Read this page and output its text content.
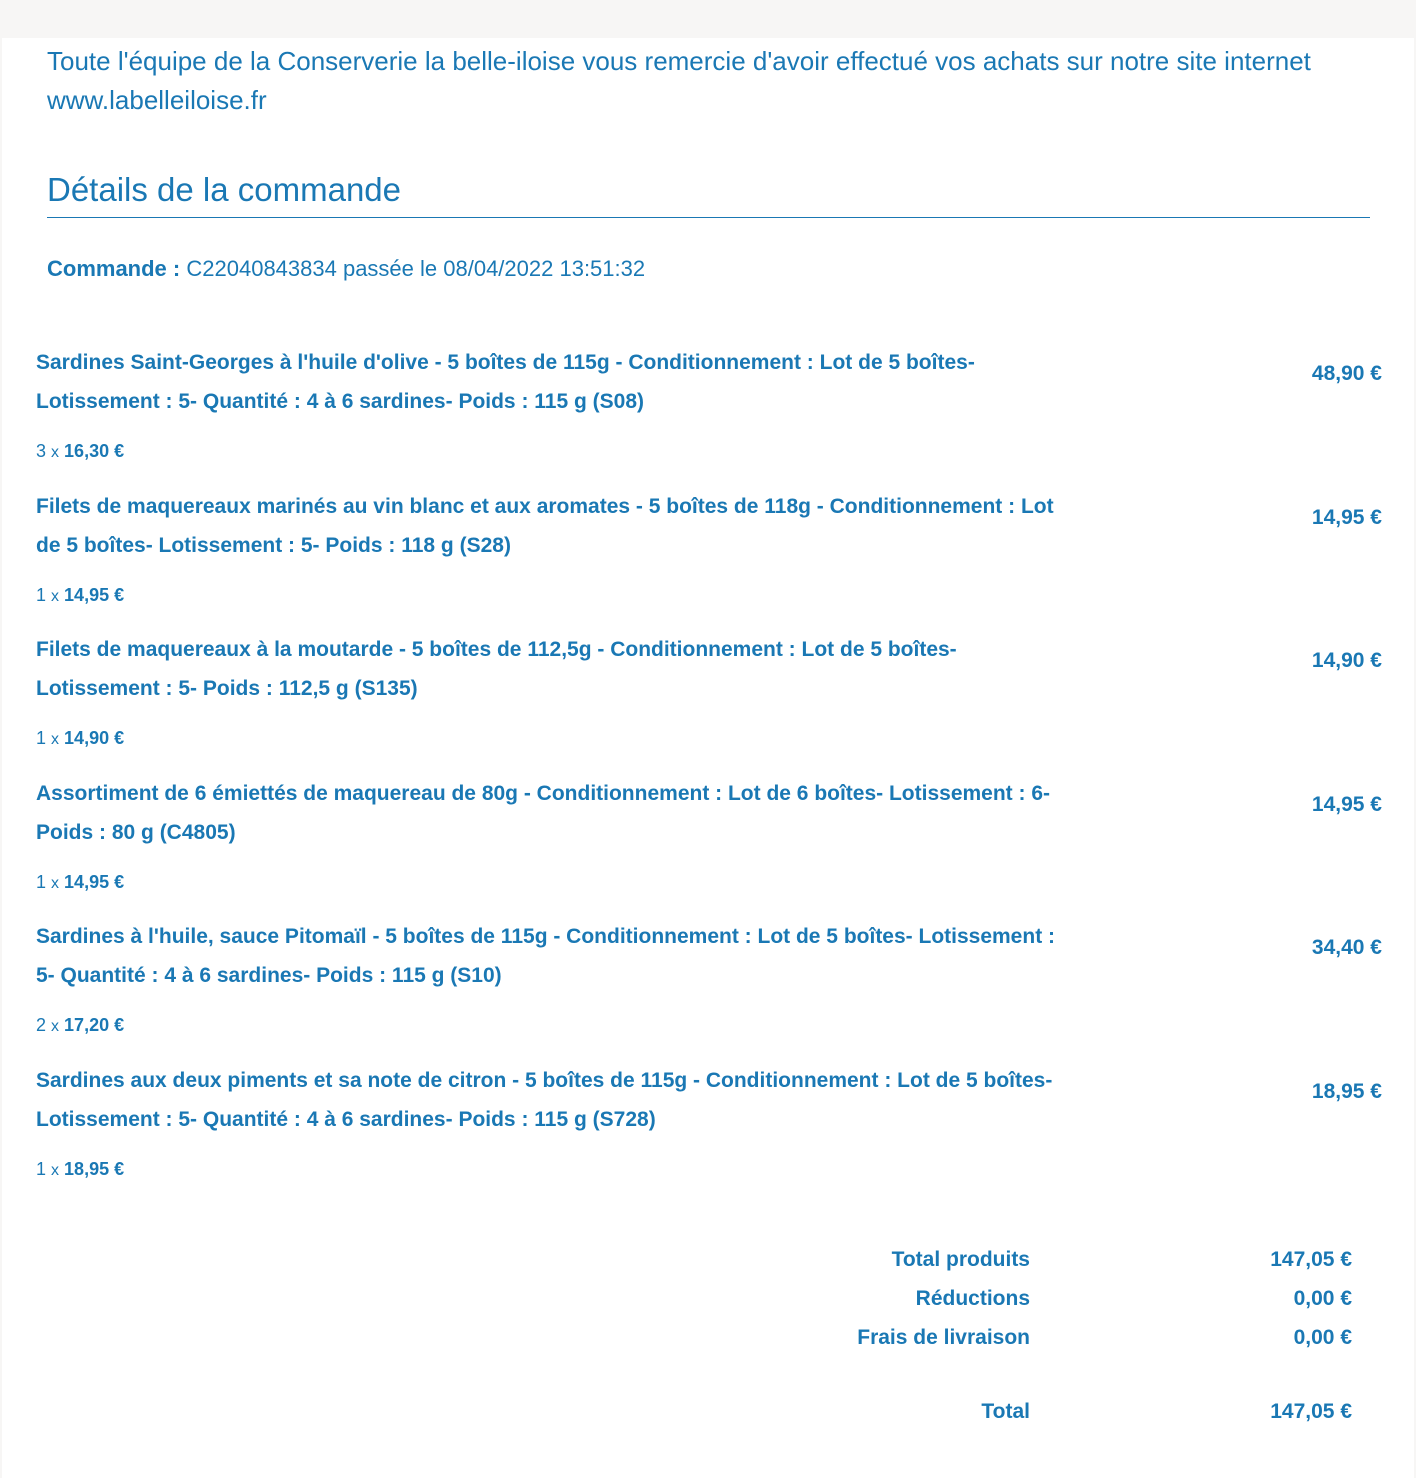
Toute l'équipe de la Conserverie la belle-iloise vous remercie d'avoir effectué vos achats sur notre site internet www.labelleiloise.fr

Détails de la commande
Commande : C22040843834 passée le 08/04/2022 13:51:32

Sardines Saint-Georges à l'huile d'olive - 5 boîtes de 115g - Conditionnement : Lot de 5 boîtes- Lotissement : 5- Quantité : 4 à 6 sardines- Poids : 115 g (S08)

48,90 €
3 x 16,30 €

Filets de maquereaux marinés au vin blanc et aux aromates - 5 boîtes de 118g - Conditionnement : Lot de 5 boîtes- Lotissement : 5- Poids : 118 g (S28)

14,95 €
1 x 14,95 €

Filets de maquereaux à la moutarde - 5 boîtes de 112,5g - Conditionnement : Lot de 5 boîtes- Lotissement : 5- Poids : 112,5 g (S135)

14,90 €
1 x 14,90 €

Assortiment de 6 émiettés de maquereau de 80g - Conditionnement : Lot de 6 boîtes- Lotissement : 6- Poids : 80 g (C4805)

14,95 €
1 x 14,95 €

Sardines à l'huile, sauce Pitomaïl - 5 boîtes de 115g - Conditionnement : Lot de 5 boîtes- Lotissement : 5- Quantité : 4 à 6 sardines- Poids : 115 g (S10)

34,40 €
2 x 17,20 €

Sardines aux deux piments et sa note de citron - 5 boîtes de 115g - Conditionnement : Lot de 5 boîtes- Lotissement : 5- Quantité : 4 à 6 sardines- Poids : 115 g (S728)

18,95 €
1 x 18,95 €
Total produits	147,05 €
Réductions	0,00 €
Frais de livraison	0,00 €
Total	147,05 €
